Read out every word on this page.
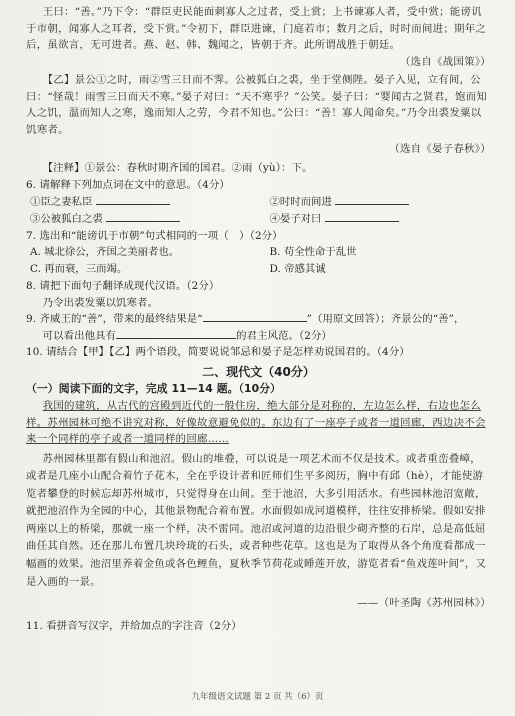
王曰：“善。”乃下令：“群臣吏民能面刺寡人之过者，受上赏；上书谏寡人者，受中赏；能谤讥于市朝，闻寡人之耳者，受下赏。”令初下，群臣进谏，门庭若市；数月之后，时时而间进；期年之后，虽欲言，无可进者。燕、赵、韩、魏闻之，皆朝于齐。此所谓战胜于朝廷。

（选自《战国策》）

【乙】景公①之时，雨②雪三日而不霁。公被狐白之裘，坐于堂侧陛。晏子入见，立有间，公曰：“怪哉！雨雪三日而天不寒。”晏子对曰：“天不寒乎？”公笑。晏子曰：“婴闻古之贤君，饱而知人之饥，温而知人之寒，逸而知人之劳，今君不知也。”公曰：“善！寡人闻命矣。”乃令出裘发粟以饥寒者。

（选自《晏子春秋》）

【注释】①景公：春秋时期齐国的国君。②雨（yù）：下。

6. 请解释下列加点词在文中的意思。（4分）

①臣之妻私臣	②时时而间进
③公被狐白之裘	④晏子对曰

7. 选出和“能谤讥于市朝”句式相同的一项（　）（2分）

A. 城北徐公，齐国之美丽者也。	B. 苟全性命于乱世
C. 再而衰，三而竭。	D. 帝感其诚

8. 请把下面句子翻译成现代汉语。（2分）

乃令出裘发粟以饥寒者。

9. 齐威王的“善”，带来的最终结果是“	”（用原文回答）；齐景公的“善”，

可以看出他具有	的君主风范。（2分）

10. 请结合【甲】【乙】两个语段，简要说说邹忌和晏子是怎样劝说国君的。（4分）

二、现代文（40分）

（一）阅读下面的文字，完成 11—14 题。（10分）

我国的建筑，从古代的宫殿到近代的一般住房，绝大部分是对称的，左边怎么样，右边也怎么样。苏州园林可绝不讲究对称，好像故意避免似的。东边有了一座亭子或者一道回廊，西边决不会来一个同样的亭子或者一道同样的回廊……

苏州园林里都有假山和池沼。假山的堆叠，可以说是一项艺术而不仅是技术。或者重峦叠嶂，或者是几座小山配合着竹子花木，全在乎设计者和匠师们生平多阅历，胸中有邱（hè），才能使游览者攀登的时候忘却苏州城市，只觉得身在山间。至于池沼，大多引用活水。有些园林池沼宽敞，就把池沼作为全园的中心，其他景物配合着布置。水面假如成河道模样，往往安排桥梁。假如安排两座以上的桥梁，那就一座一个样，决不雷同。池沼或河道的边沿很少砌齐整的石岸，总是高低屈曲任其自然。还在那儿布置几块玲珑的石头，或者种些花草。这也是为了取得从各个角度看都成一幅画的效果。池沼里养着金鱼或各色鲤鱼，夏秋季节荷花或睡莲开放，游览者看“鱼戏莲叶间”，又是入画的一景。

——（叶圣陶《苏州园林》）

11. 看拼音写汉字，并给加点的字注音（2分）

九年级语文试题 第 2 页 共（6）页
